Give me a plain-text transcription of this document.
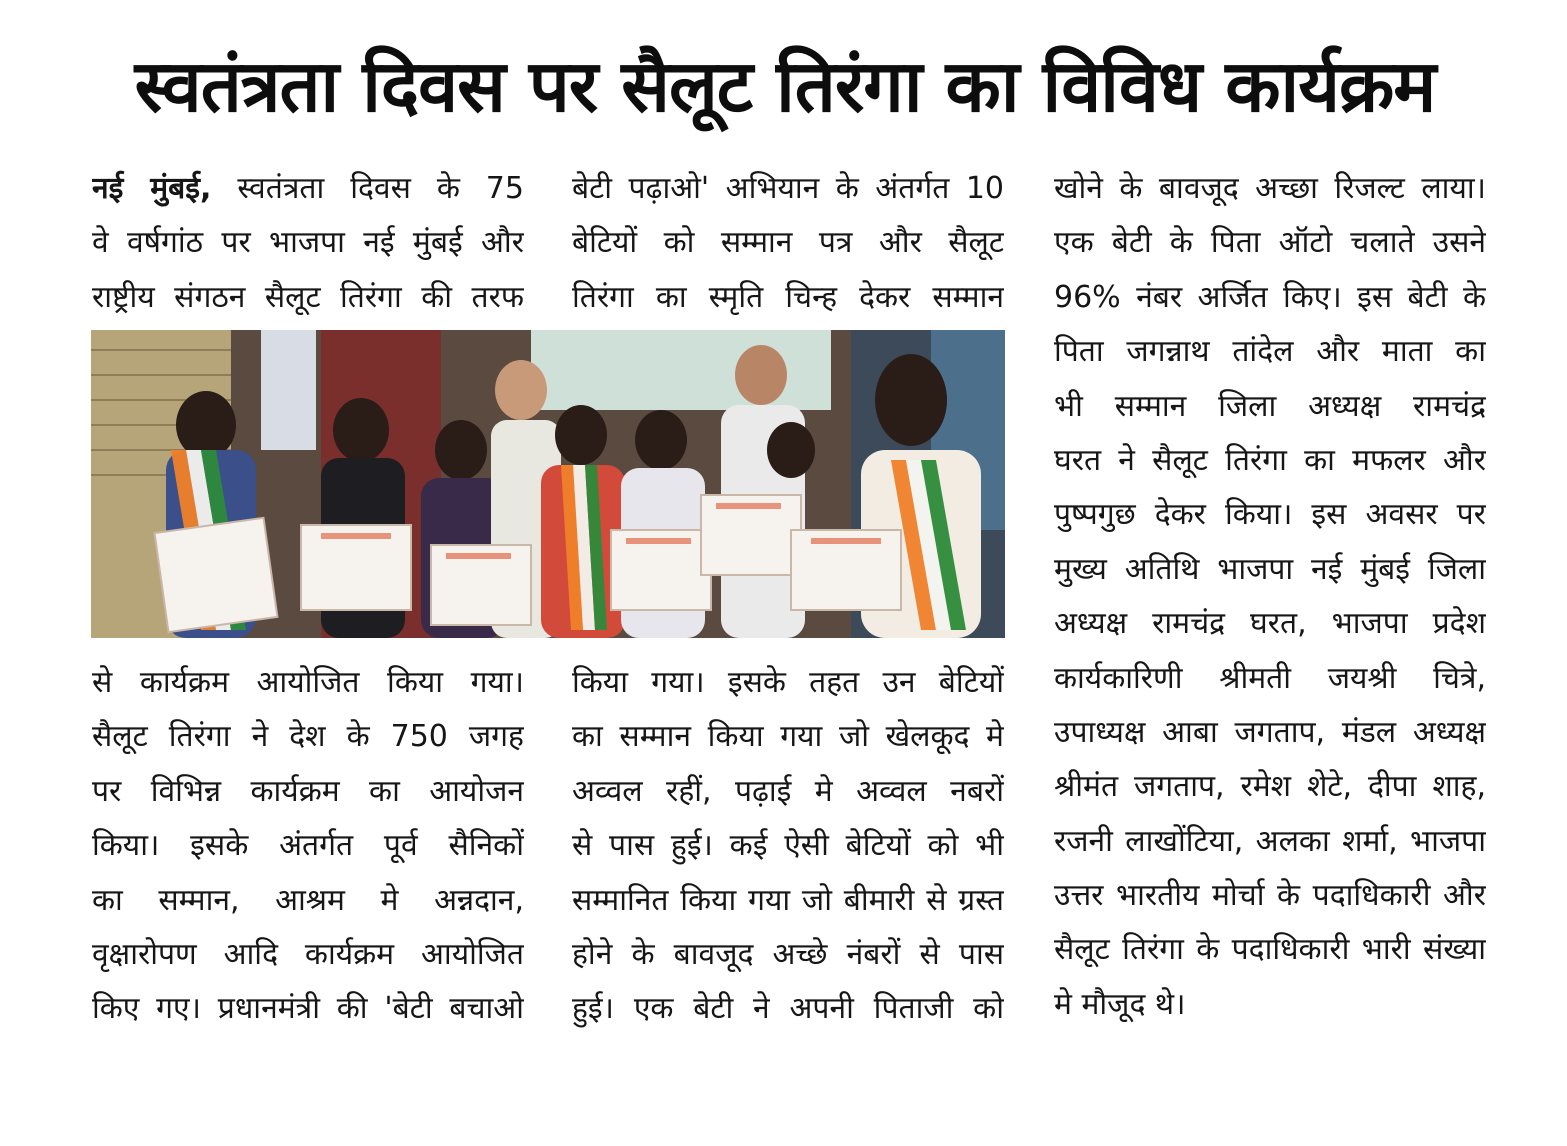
स्वतंत्रता दिवस पर सैलूट तिरंगा का विविध कार्यक्रम
नई मुंबई, स्वतंत्रता दिवस के 75
वे वर्षगांठ पर भाजपा नई मुंबई और
राष्ट्रीय संगठन सैलूट तिरंगा की तरफ
बेटी पढ़ाओ' अभियान के अंतर्गत 10
बेटियों को सम्मान पत्र और सैलूट
तिरंगा का स्मृति चिन्ह देकर सम्मान
से कार्यक्रम आयोजित किया गया।
सैलूट तिरंगा ने देश के 750 जगह
पर विभिन्न कार्यक्रम का आयोजन
किया। इसके अंतर्गत पूर्व सैनिकों
का सम्मान, आश्रम मे अन्नदान,
वृक्षारोपण आदि कार्यक्रम आयोजित
किए गए। प्रधानमंत्री की 'बेटी बचाओ
किया गया। इसके तहत उन बेटियों
का सम्मान किया गया जो खेलकूद मे
अव्वल रहीं, पढ़ाई मे अव्वल नबरों
से पास हुई। कई ऐसी बेटियों को भी
सम्मानित किया गया जो बीमारी से ग्रस्त
होने के बावजूद अच्छे नंबरों से पास
हुई। एक बेटी ने अपनी पिताजी को
खोने के बावजूद अच्छा रिजल्ट लाया।
एक बेटी के पिता ऑटो चलाते उसने
96% नंबर अर्जित किए। इस बेटी के
पिता जगन्नाथ तांदेल और माता का
भी सम्मान जिला अध्यक्ष रामचंद्र
घरत ने सैलूट तिरंगा का मफलर और
पुष्पगुछ देकर किया। इस अवसर पर
मुख्य अतिथि भाजपा नई मुंबई जिला
अध्यक्ष रामचंद्र घरत, भाजपा प्रदेश
कार्यकारिणी श्रीमती जयश्री चित्रे,
उपाध्यक्ष आबा जगताप, मंडल अध्यक्ष
श्रीमंत जगताप, रमेश शेटे, दीपा शाह,
रजनी लाखोंटिया, अलका शर्मा, भाजपा
उत्तर भारतीय मोर्चा के पदाधिकारी और
सैलूट तिरंगा के पदाधिकारी भारी संख्या
मे मौजूद थे।
